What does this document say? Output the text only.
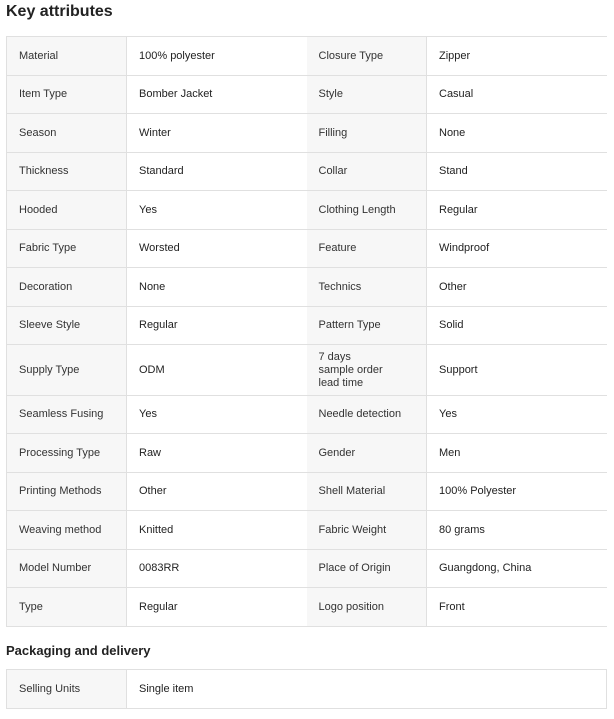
Key attributes
Material	100% polyester	Closure Type	Zipper
Item Type	Bomber Jacket	Style	Casual
Season	Winter	Filling	None
Thickness	Standard	Collar	Stand
Hooded	Yes	Clothing Length	Regular
Fabric Type	Worsted	Feature	Windproof
Decoration	None	Technics	Other
Sleeve Style	Regular	Pattern Type	Solid
Supply Type	ODM	7 days sample order lead time	Support
Seamless Fusing	Yes	Needle detection	Yes
Processing Type	Raw	Gender	Men
Printing Methods	Other	Shell Material	100% Polyester
Weaving method	Knitted	Fabric Weight	80 grams
Model Number	0083RR	Place of Origin	Guangdong, China
Type	Regular	Logo position	Front
Packaging and delivery
Selling Units	Single item
